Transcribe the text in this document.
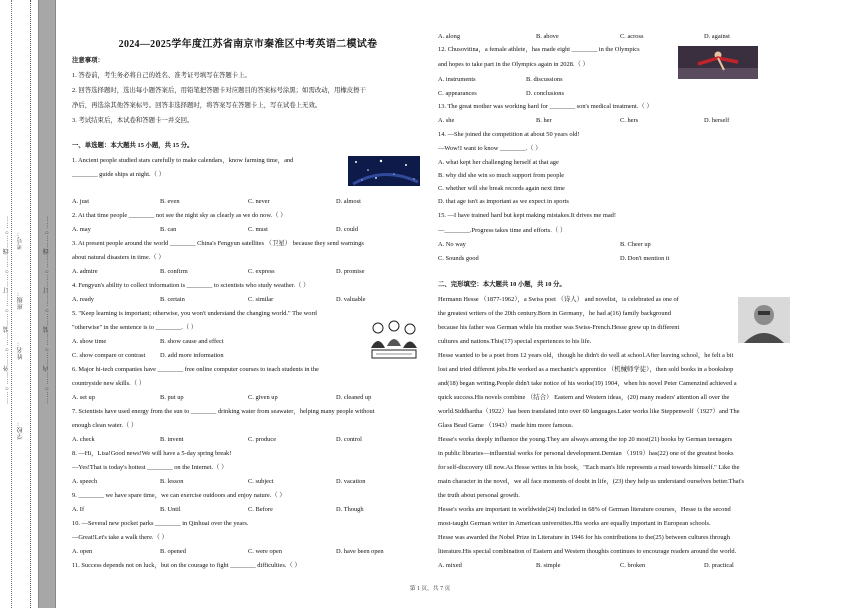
……○……外……○……装……○……订……○……线……○……
学校：
姓名：
班级：
考号：	……○……内……○……装……○……订……○……线……○……
2024—2025学年度江苏省南京市秦淮区中考英语二模试卷
注意事项：
1. 答卷前，考生务必将自己的姓名、准考证号填写在答题卡上。
2. 回答选择题时，选出每小题答案后，用铅笔把答题卡对应题目的答案标号涂黑；如需改动，用橡皮擦干
净后，再选涂其他答案标号。回答非选择题时，将答案写在答题卡上，写在试卷上无效。
3. 考试结束后，本试卷和答题卡一并交回。
一、单选题：本大题共 15 小题，共 15 分。
1. Ancient people studied stars carefully to make calendars，know farming time，and
________ guide ships at night.（ ）
A. just	B. even	C. never	D. almost
2. At that time people ________ not see the night sky as clearly as we do now.（ ）
A. may	B. can	C. must	D. could
3. At present people around the world ________ China's Fengyun satellites （卫星） because they send warnings
about natural disasters in time.（ ）
A. admire	B. confirm	C. express	D. promise
4. Fengyun's ability to collect information is ________ to scientists who study weather.（ ）
A. ready	B. certain	C. similar	D. valuable
5. "Keep learning is important; otherwise, you won't understand the changing world." The word
"otherwise" in the sentence is to ________.（ ）
A. show time	B. show cause and effect
C. show compare or contrast D. add more information
6. Major hi-tech companies have ________ free online computer courses to teach students in the
countryside new skills.（ ）
A. set up	B. put up	C. given up	D. cleaned up
7. Scientists have used energy from the sun to ________ drinking water from seawater，helping many people without
enough clean water.（ ）
A. check	B. invent	C. produce	D. control
8. —Hi，Lisa!Good news!We will have a 5-day spring break!
—Yes!That is today's hottest ________ on the Internet.（ ）
A. speech	B. lesson	C. subject	D. vacation
9. ________ we have spare time，we can exercise outdoors and enjoy nature.（ ）
A. If	B. Until	C. Before	D. Though
10. —Several new pocket parks ________ in Qinhuai over the years.
—Great!Let's take a walk there.（ ）
A. open	B. opened	C. were open	D. have been open
11. Success depends not on luck，but on the courage to fight ________ difficulties.（ ）
A. along	B. above	C. across	D. against
12. Chusovitina，a female athlete，has made eight ________ in the Olympics
and hopes to take part in the Olympics again in 2028.（ ）
A. instruments	B. discussions
C. appearances	D. conclusions
13. The great mother was working hard for ________ son's medical treatment.（ ）
A. she	B. her	C. hers	D. herself
14. —She joined the competition at about 50 years old!
—Wow!I want to know ________.（ ）
A. what kept her challenging herself at that age
B. why did she win so much support from people
C. whether will she break records again next time
D. that age isn't as important as we expect in sports
15. —I have trained hard but kept making mistakes.It drives me mad!
—________.Progress takes time and efforts.（ ）
A. No way	B. Cheer up
C. Sounds good	D. Don't mention it
二、完形填空：本大题共 10 小题，共 10 分。
Hermann Hesse （1877-1962），a Swiss poet （诗人） and novelist，is celebrated as one of
the greatest writers of the 20th century.Born in Germany，he had a(16) family background
because his father was German while his mother was Swiss-French.Hesse grew up in different
cultures and nations.This(17) special experiences to his life.
Hesse wanted to be a poet from 12 years old，though he didn't do well at school.After leaving school，he felt a bit
lost and tried different jobs.He worked as a mechanic's apprentice （机械师学徒），then sold books in a bookshop
and(18) began writing.People didn't take notice of his works(19) 1904，when his novel Peter Camenzind achieved a
quick success.His novels combine （结合） Eastern and Western ideas，(20) many readers' attention all over the
world.Siddhartha（1922）has been translated into over 60 languages.Later works like Steppenwolf（1927）and The
Glass Bead Game （1943）made him more famous.
Hesse's works deeply influence the young.They are always among the top 20 most(21) books by German teenagers
in public libraries—influential works for personal development.Demian （1919）has(22) one of the greatest books
for self-discovery till now.As Hesse writes in his book，"Each man's life represents a road towards himself." Like the
main character in the novel，we all face moments of doubt in life，(23) they help us understand ourselves better.That's
the truth about personal growth.
Hesse's works are important in worldwide(24) Included in 68% of German literature courses，Hesse is the second
most-taught German writer in American universities.His works are equally important in European schools.
Hesse was awarded the Nobel Prize in Literature in 1946 for his contributions to the(25) between cultures through
literature.His special combination of Eastern and Western thoughts continues to encourage readers around the world.
A. mixed	B. simple	C. broken	D. practical
第 1 页，共 7 页
